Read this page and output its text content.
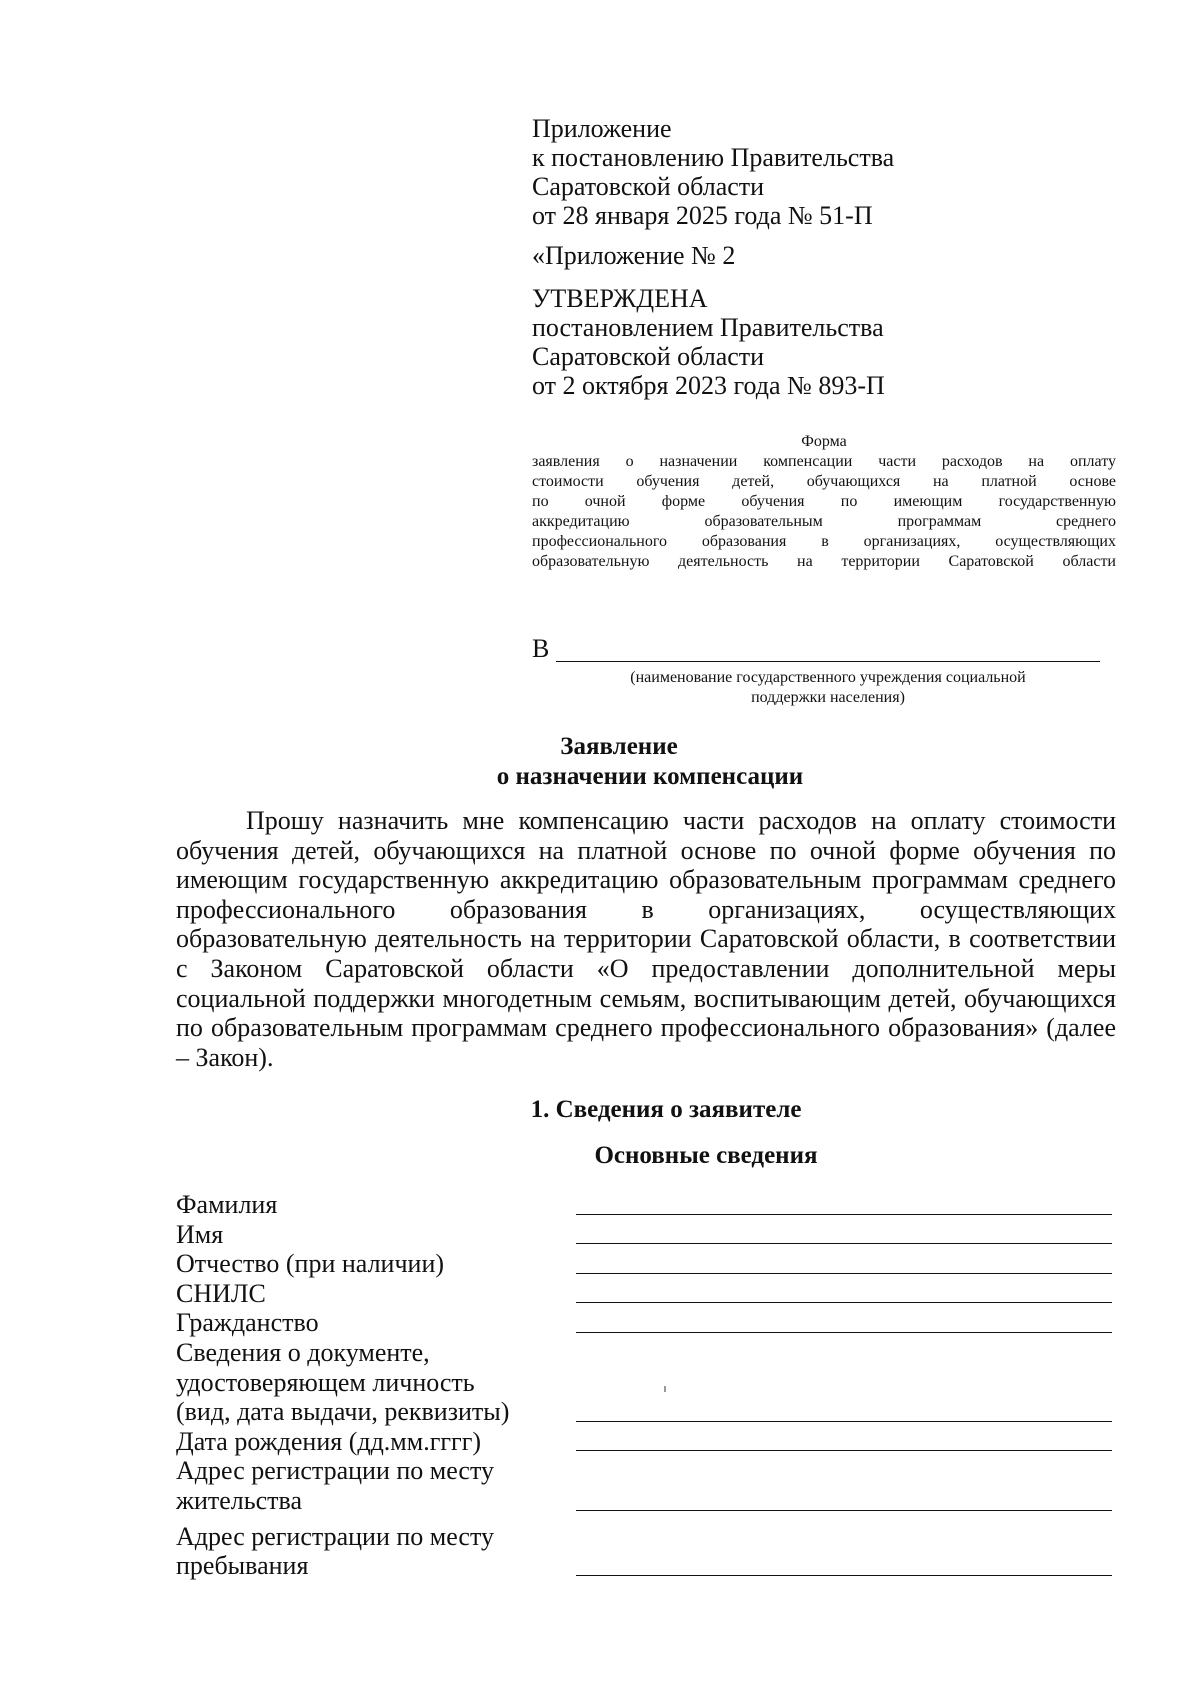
Приложение
к постановлению Правительства
Саратовской области
от 28 января 2025 года № 51-П
«Приложение № 2
УТВЕРЖДЕНА
постановлением Правительства
Саратовской области
от 2 октября 2023 года № 893-П
Форма
заявления о назначении компенсации части расходов на оплату
стоимости обучения детей, обучающихся на платной основе
по очной форме обучения по имеющим государственную
аккредитацию образовательным программам среднего
профессионального образования в организациях, осуществляющих
образовательную деятельность на территории Саратовской области
В
(наименование государственного учреждения социальной
поддержки населения)
Заявление
о назначении компенсации
Прошу назначить мне компенсацию части расходов на оплату стоимости обучения детей, обучающихся на платной основе по очной форме обучения по имеющим государственную аккредитацию образовательным программам среднего профессионального образования в организациях, осуществляющих образовательную деятельность на территории Саратовской области, в соответствии с Законом Саратовской области «О предоставлении дополнительной меры социальной поддержки многодетным семьям, воспитывающим детей, обучающихся по образовательным программам среднего профессионального образования» (далее – Закон).
1. Сведения о заявителе
Основные сведения
Фамилия
Имя
Отчество (при наличии)
СНИЛС
Гражданство
Сведения о документе,
удостоверяющем личность
(вид, дата выдачи, реквизиты)
Дата рождения (дд.мм.гггг)
Адрес регистрации по месту
жительства
Адрес регистрации по месту
пребывания
